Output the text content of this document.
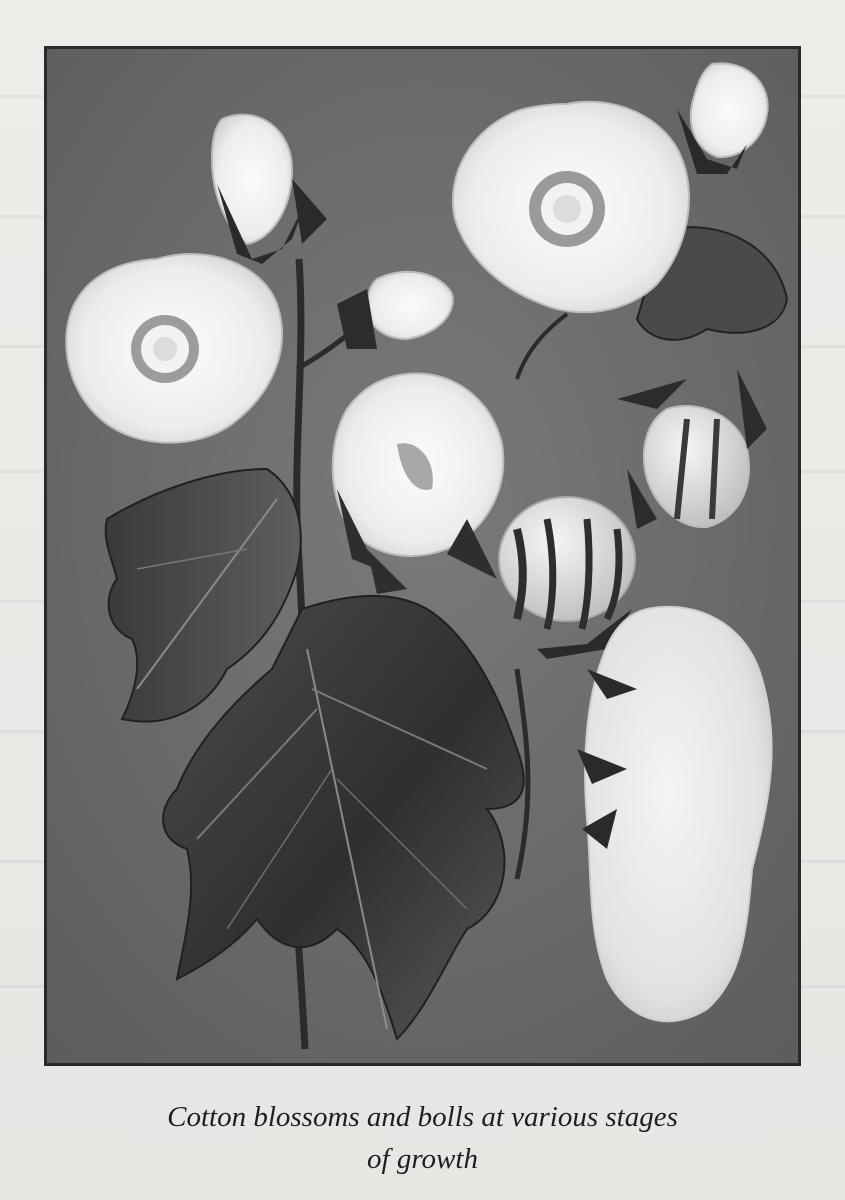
Cotton blossoms and bolls at various stages
of growth
